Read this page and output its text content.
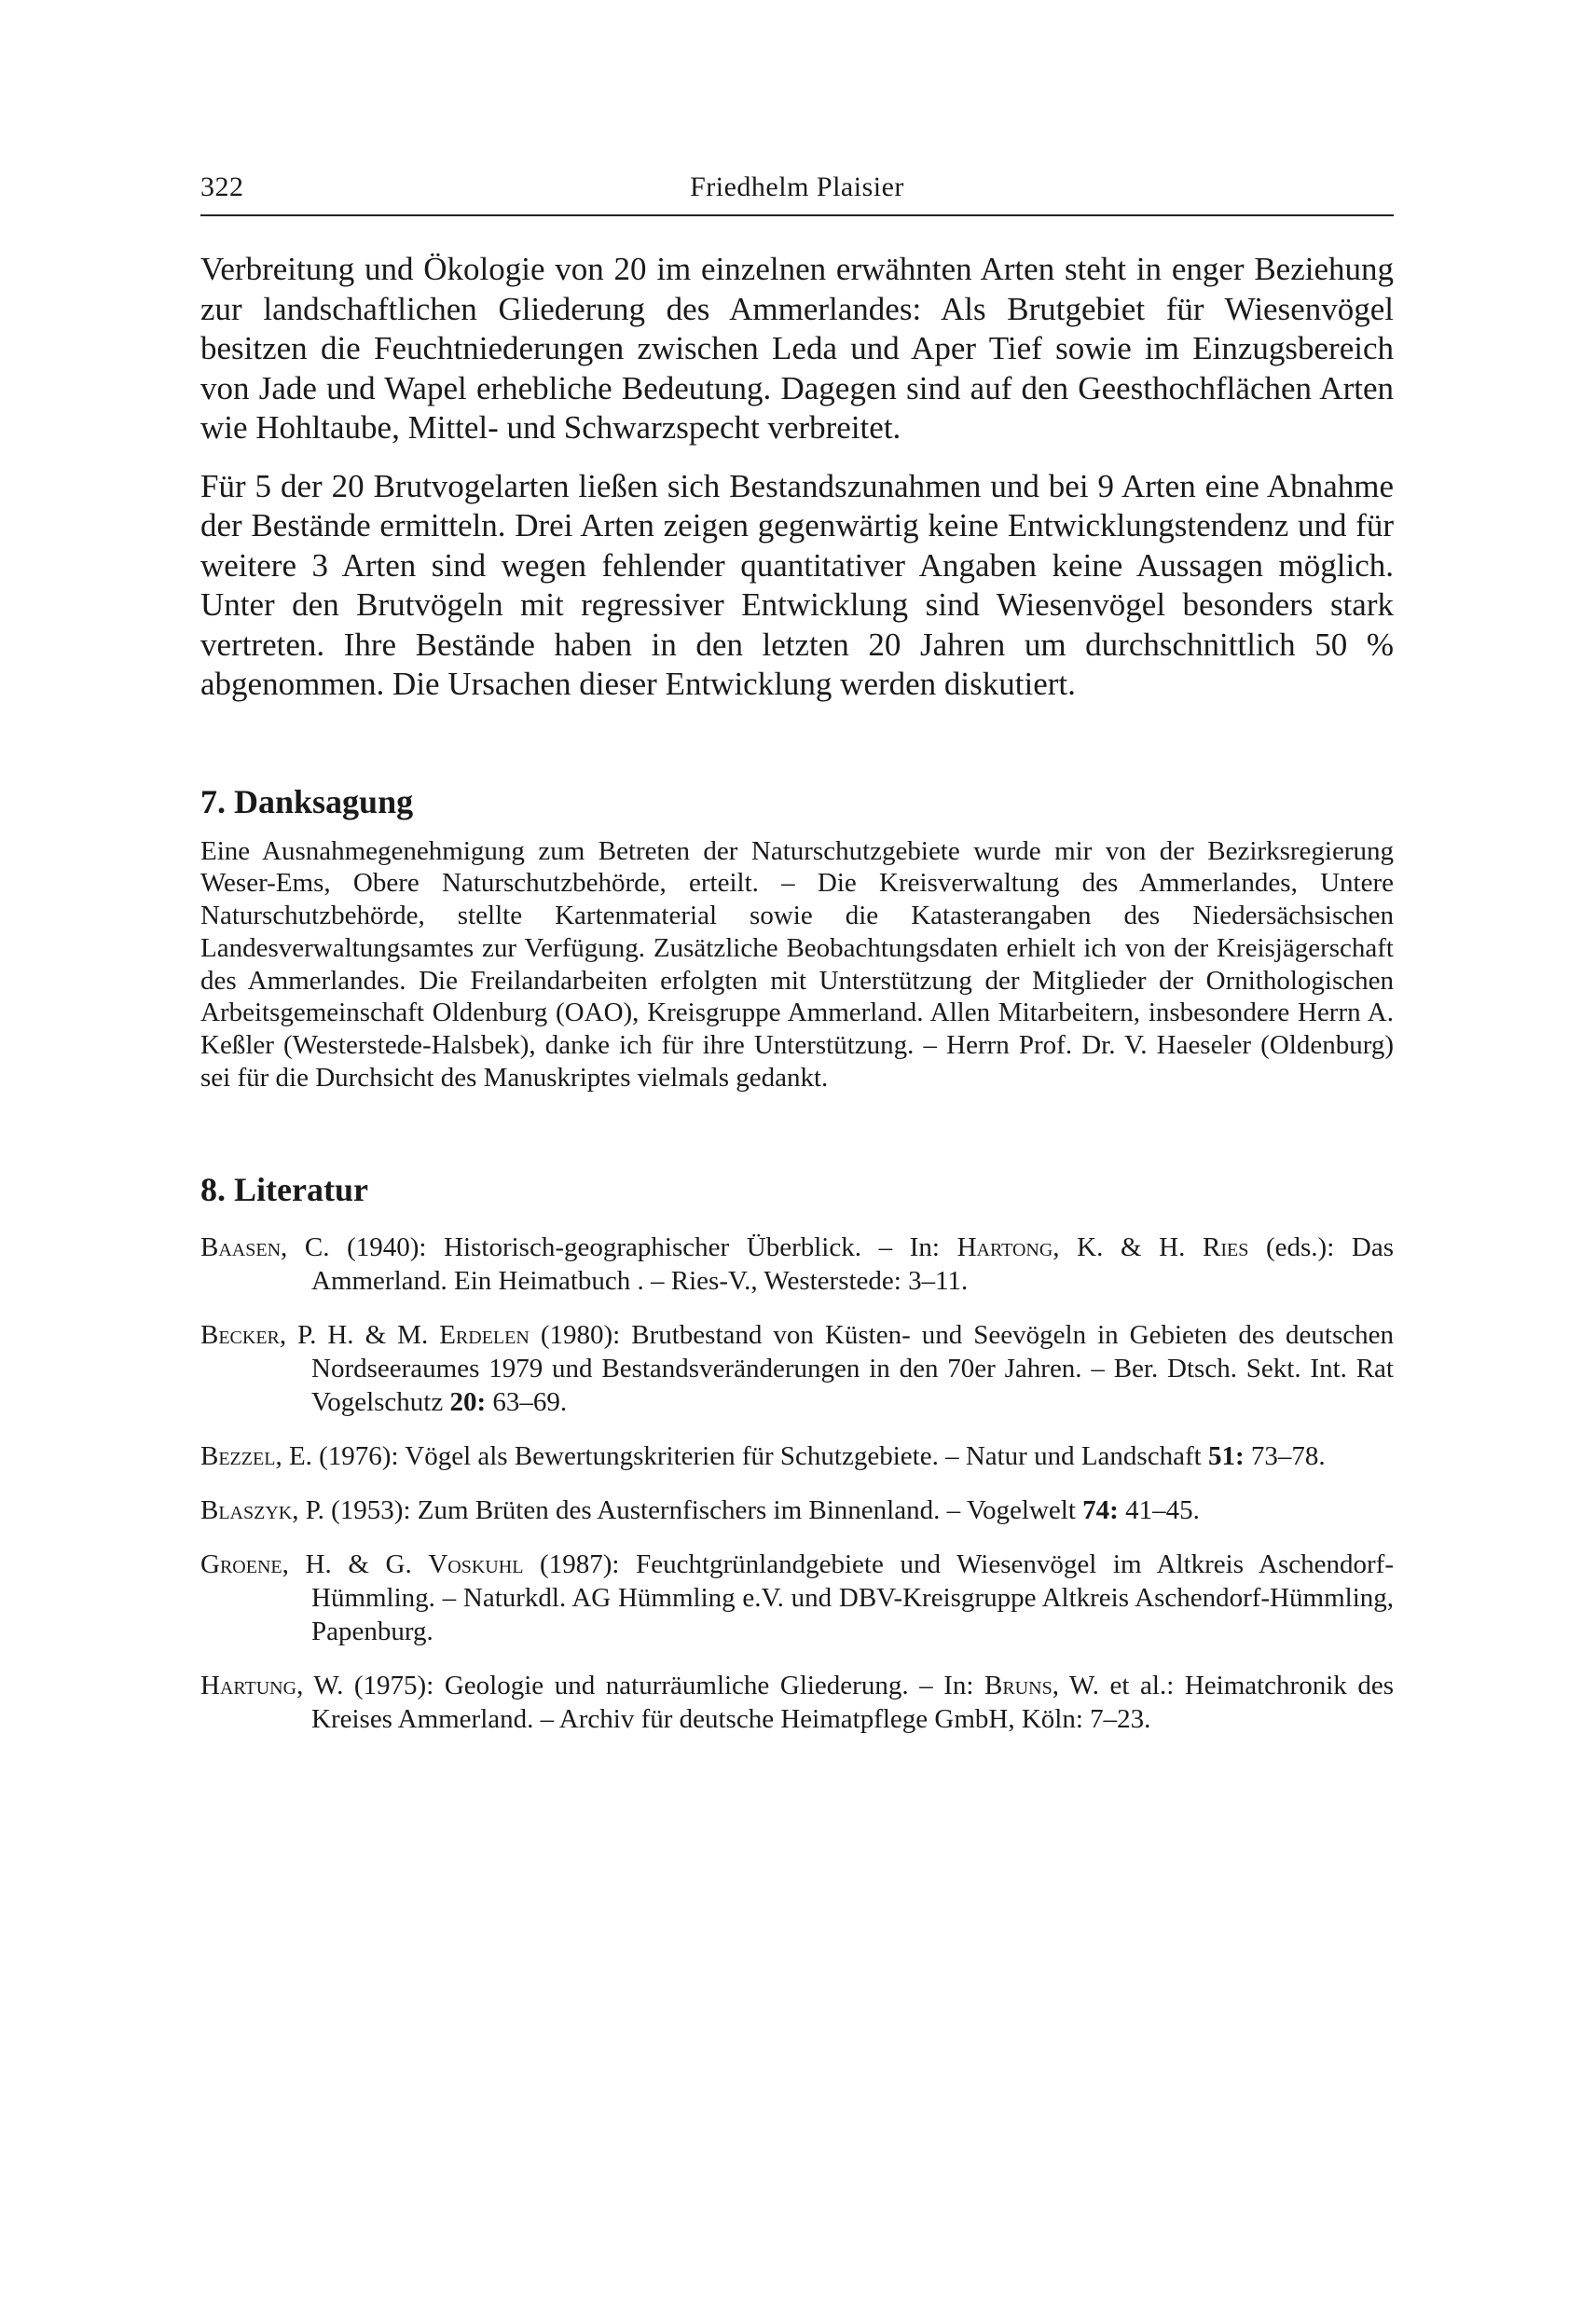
322	Friedhelm Plaisier

Verbreitung und Ökologie von 20 im einzelnen erwähnten Arten steht in enger Beziehung zur landschaftlichen Gliederung des Ammerlandes: Als Brutgebiet für Wiesenvögel besitzen die Feuchtniederungen zwischen Leda und Aper Tief sowie im Einzugsbereich von Jade und Wapel erhebliche Bedeutung. Dagegen sind auf den Geesthochflächen Arten wie Hohltaube, Mittel- und Schwarzspecht verbreitet.

Für 5 der 20 Brutvogelarten ließen sich Bestandszunahmen und bei 9 Arten eine Abnahme der Bestände ermitteln. Drei Arten zeigen gegenwärtig keine Entwicklungstendenz und für weitere 3 Arten sind wegen fehlender quantitativer Angaben keine Aussagen möglich. Unter den Brutvögeln mit regressiver Entwicklung sind Wiesenvögel besonders stark vertreten. Ihre Bestände haben in den letzten 20 Jahren um durchschnittlich 50 % abgenommen. Die Ursachen dieser Entwicklung werden diskutiert.

7. Danksagung

Eine Ausnahmegenehmigung zum Betreten der Naturschutzgebiete wurde mir von der Bezirksregierung Weser-Ems, Obere Naturschutzbehörde, erteilt. – Die Kreisverwaltung des Ammerlandes, Untere Naturschutzbehörde, stellte Kartenmaterial sowie die Katasterangaben des Niedersächsischen Landesverwaltungsamtes zur Verfügung. Zusätzliche Beobachtungsdaten erhielt ich von der Kreisjägerschaft des Ammerlandes. Die Freilandarbeiten erfolgten mit Unterstützung der Mitglieder der Ornithologischen Arbeitsgemeinschaft Oldenburg (OAO), Kreisgruppe Ammerland. Allen Mitarbeitern, insbesondere Herrn A. Keßler (Westerstede-Halsbek), danke ich für ihre Unterstützung. – Herrn Prof. Dr. V. Haeseler (Oldenburg) sei für die Durchsicht des Manuskriptes vielmals gedankt.

8. Literatur

Baasen, C. (1940): Historisch-geographischer Überblick. – In: Hartong, K. & H. Ries (eds.): Das Ammerland. Ein Heimatbuch . – Ries-V., Westerstede: 3–11.

Becker, P. H. & M. Erdelen (1980): Brutbestand von Küsten- und Seevögeln in Gebieten des deutschen Nordseeraumes 1979 und Bestandsveränderungen in den 70er Jahren. – Ber. Dtsch. Sekt. Int. Rat Vogelschutz 20: 63–69.

Bezzel, E. (1976): Vögel als Bewertungskriterien für Schutzgebiete. – Natur und Landschaft 51: 73–78.

Blaszyk, P. (1953): Zum Brüten des Austernfischers im Binnenland. – Vogelwelt 74: 41–45.

Groene, H. & G. Voskuhl (1987): Feuchtgrünlandgebiete und Wiesenvögel im Altkreis Aschendorf-Hümmling. – Naturkdl. AG Hümmling e.V. und DBV-Kreisgruppe Altkreis Aschendorf-Hümmling, Papenburg.

Hartung, W. (1975): Geologie und naturräumliche Gliederung. – In: Bruns, W. et al.: Heimatchronik des Kreises Ammerland. – Archiv für deutsche Heimatpflege GmbH, Köln: 7–23.
